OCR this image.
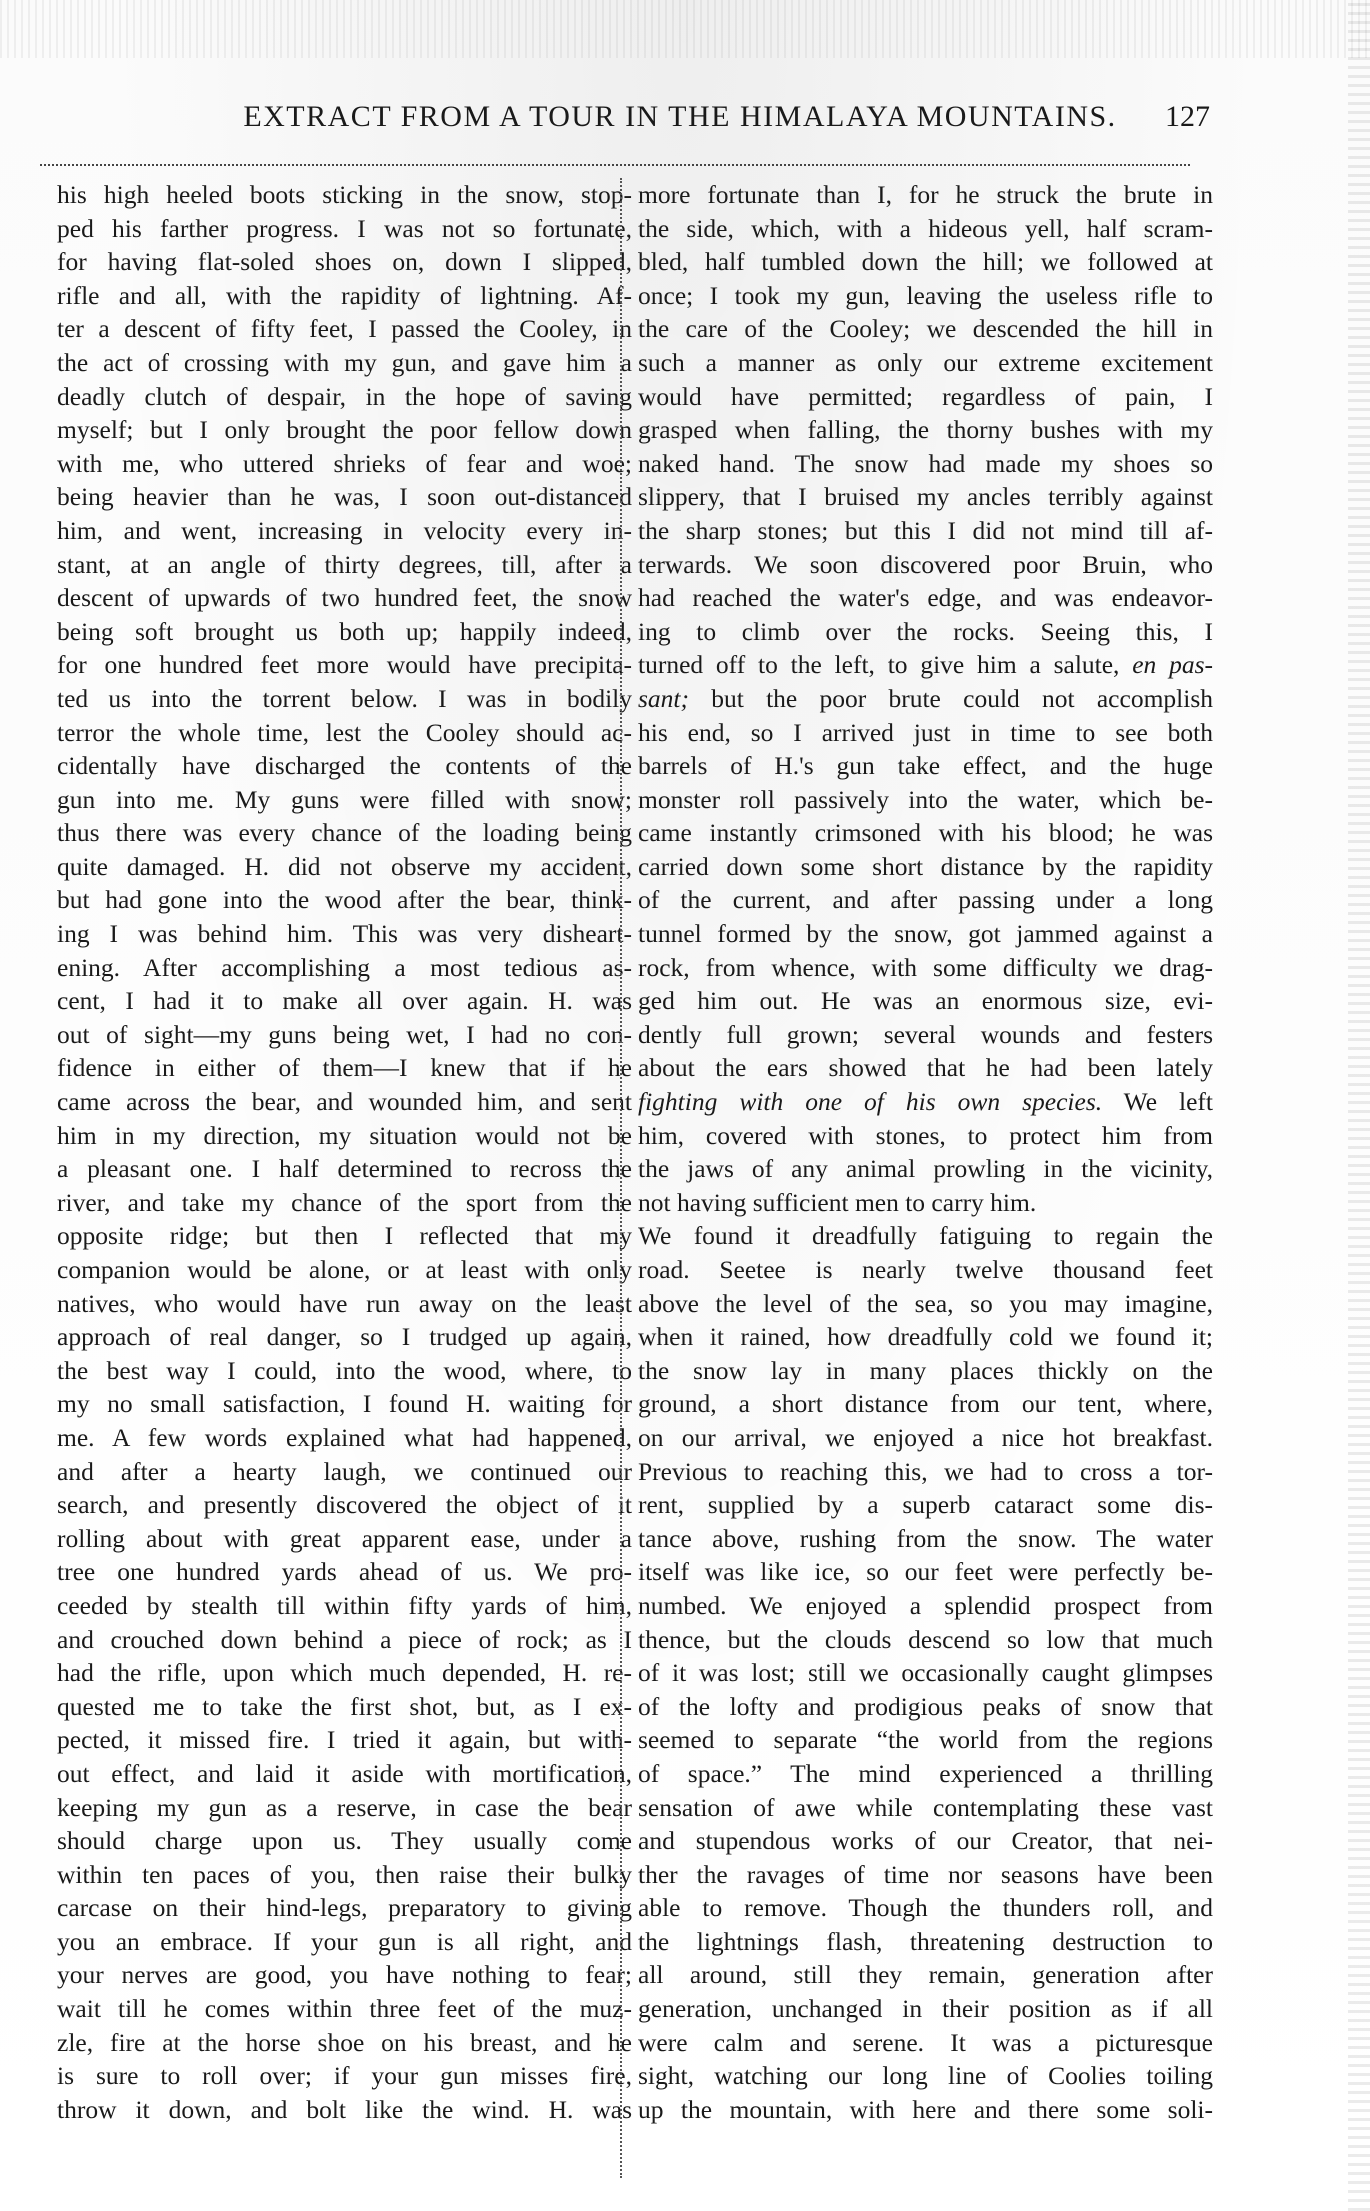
EXTRACT FROM A TOUR IN THE HIMALAYA MOUNTAINS.	127
his high heeled boots sticking in the snow, stop-
ped his farther progress. I was not so fortunate,
for having flat-soled shoes on, down I slipped,
rifle and all, with the rapidity of lightning. Af-
ter a descent of fifty feet, I passed the Cooley, in
the act of crossing with my gun, and gave him a
deadly clutch of despair, in the hope of saving
myself; but I only brought the poor fellow down
with me, who uttered shrieks of fear and woe;
being heavier than he was, I soon out-distanced
him, and went, increasing in velocity every in-
stant, at an angle of thirty degrees, till, after a
descent of upwards of two hundred feet, the snow
being soft brought us both up; happily indeed,
for one hundred feet more would have precipita-
ted us into the torrent below. I was in bodily
terror the whole time, lest the Cooley should ac-
cidentally have discharged the contents of the
gun into me. My guns were filled with snow;
thus there was every chance of the loading being
quite damaged. H. did not observe my accident,
but had gone into the wood after the bear, think-
ing I was behind him. This was very disheart-
ening. After accomplishing a most tedious as-
cent, I had it to make all over again. H. was
out of sight—my guns being wet, I had no con-
fidence in either of them—I knew that if he
came across the bear, and wounded him, and sent
him in my direction, my situation would not be
a pleasant one. I half determined to recross the
river, and take my chance of the sport from the
opposite ridge; but then I reflected that my
companion would be alone, or at least with only
natives, who would have run away on the least
approach of real danger, so I trudged up again,
the best way I could, into the wood, where, to
my no small satisfaction, I found H. waiting for
me. A few words explained what had happened,
and after a hearty laugh, we continued our
search, and presently discovered the object of it
rolling about with great apparent ease, under a
tree one hundred yards ahead of us. We pro-
ceeded by stealth till within fifty yards of him,
and crouched down behind a piece of rock; as I
had the rifle, upon which much depended, H. re-
quested me to take the first shot, but, as I ex-
pected, it missed fire. I tried it again, but with-
out effect, and laid it aside with mortification,
keeping my gun as a reserve, in case the bear
should charge upon us. They usually come
within ten paces of you, then raise their bulky
carcase on their hind-legs, preparatory to giving
you an embrace. If your gun is all right, and
your nerves are good, you have nothing to fear;
wait till he comes within three feet of the muz-
zle, fire at the horse shoe on his breast, and he
is sure to roll over; if your gun misses fire,
throw it down, and bolt like the wind. H. was
more fortunate than I, for he struck the brute in
the side, which, with a hideous yell, half scram-
bled, half tumbled down the hill; we followed at
once; I took my gun, leaving the useless rifle to
the care of the Cooley; we descended the hill in
such a manner as only our extreme excitement
would have permitted; regardless of pain, I
grasped when falling, the thorny bushes with my
naked hand. The snow had made my shoes so
slippery, that I bruised my ancles terribly against
the sharp stones; but this I did not mind till af-
terwards. We soon discovered poor Bruin, who
had reached the water's edge, and was endeavor-
ing to climb over the rocks. Seeing this, I
turned off to the left, to give him a salute, en pas-
sant; but the poor brute could not accomplish
his end, so I arrived just in time to see both
barrels of H.'s gun take effect, and the huge
monster roll passively into the water, which be-
came instantly crimsoned with his blood; he was
carried down some short distance by the rapidity
of the current, and after passing under a long
tunnel formed by the snow, got jammed against a
rock, from whence, with some difficulty we drag-
ged him out. He was an enormous size, evi-
dently full grown; several wounds and festers
about the ears showed that he had been lately
fighting with one of his own species. We left
him, covered with stones, to protect him from
the jaws of any animal prowling in the vicinity,
not having sufficient men to carry him.
We found it dreadfully fatiguing to regain the
road. Seetee is nearly twelve thousand feet
above the level of the sea, so you may imagine,
when it rained, how dreadfully cold we found it;
the snow lay in many places thickly on the
ground, a short distance from our tent, where,
on our arrival, we enjoyed a nice hot breakfast.
Previous to reaching this, we had to cross a tor-
rent, supplied by a superb cataract some dis-
tance above, rushing from the snow. The water
itself was like ice, so our feet were perfectly be-
numbed. We enjoyed a splendid prospect from
thence, but the clouds descend so low that much
of it was lost; still we occasionally caught glimpses
of the lofty and prodigious peaks of snow that
seemed to separate “the world from the regions
of space.” The mind experienced a thrilling
sensation of awe while contemplating these vast
and stupendous works of our Creator, that nei-
ther the ravages of time nor seasons have been
able to remove. Though the thunders roll, and
the lightnings flash, threatening destruction to
all around, still they remain, generation after
generation, unchanged in their position as if all
were calm and serene. It was a picturesque
sight, watching our long line of Coolies toiling
up the mountain, with here and there some soli-
